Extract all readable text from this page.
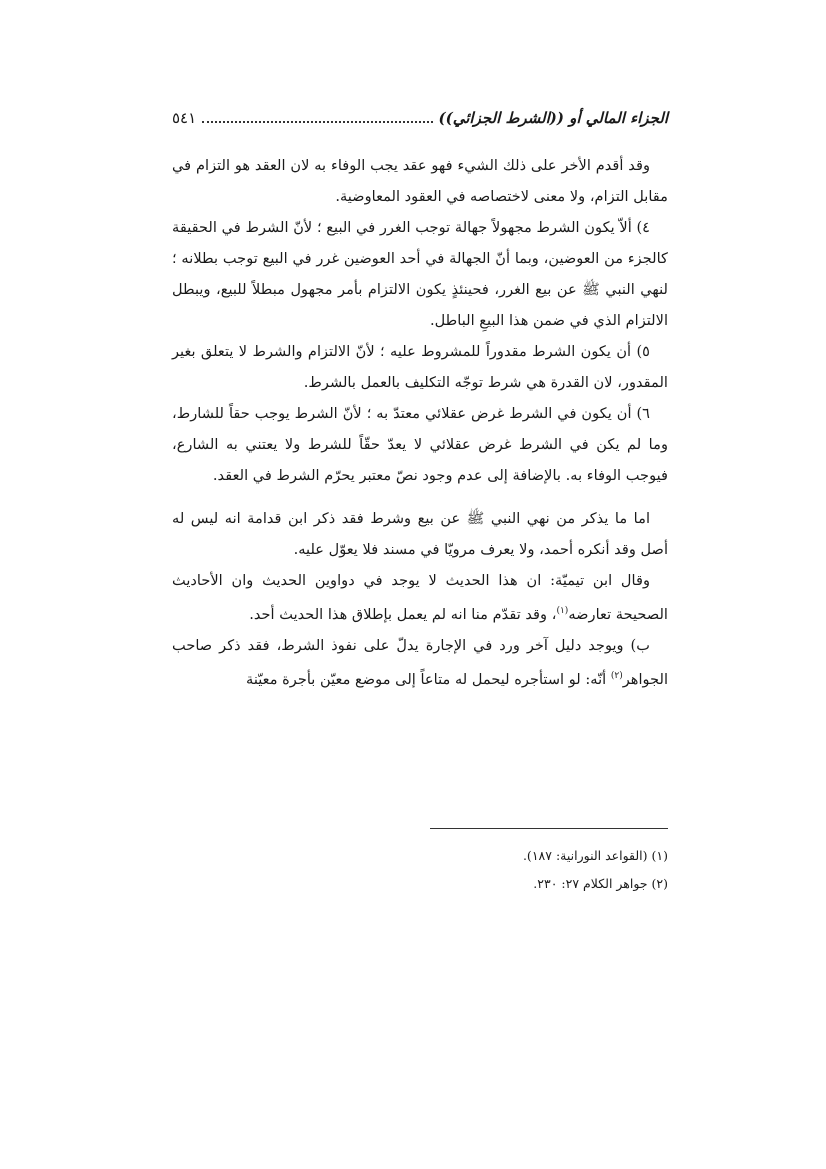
الجزاء المالي أو ((الشرط الجزائي))
٥٤١

وقد أقدم الأخر على ذلك الشيء فهو عقد يجب الوفاء به لان العقد هو التزام في مقابل التزام، ولا معنى لاختصاصه في العقود المعاوضية.

٤) ألاّ يكون الشرط مجهولاً جهالة توجب الغرر في البيع ؛ لأنّ الشرط في الحقيقة كالجزء من العوضين، وبما أنّ الجهالة في أحد العوضين غرر في البيع توجب بطلانه ؛ لنهي النبي ﷺ عن بيع الغرر، فحينئذٍ يكون الالتزام بأمر مجهول مبطلاً للبيع، ويبطل الالتزام الذي في ضمن هذا البيعِ الباطل.

٥) أن يكون الشرط مقدوراً للمشروط عليه ؛ لأنّ الالتزام والشرط لا يتعلق بغير المقدور، لان القدرة هي شرط توجّه التكليف بالعمل بالشرط.

٦) أن يكون في الشرط غرض عقلائي معتدّ به ؛ لأنّ الشرط يوجب حقاً للشارط، وما لم يكن في الشرط غرض عقلائي لا يعدّ حقّاً للشرط ولا يعتني به الشارع، فيوجب الوفاء به. بالإضافة إلى عدم وجود نصّ معتبر يحرّم الشرط في العقد.

اما ما يذكر من نهي النبي ﷺ عن بيع وشرط فقد ذكر ابن قدامة انه ليس له أصل وقد أنكره أحمد، ولا يعرف مرويّا في مسند فلا يعوّل عليه.

وقال ابن تيميّة: ان هذا الحديث لا يوجد في دواوين الحديث وان الأحاديث الصحيحة تعارضه$^{(١)}$، وقد تقدّم منا انه لم يعمل بإطلاق هذا الحديث أحد.

ب) ويوجد دليل آخر ورد في الإجارة يدلّ على نفوذ الشرط، فقد ذكر صاحب الجواهر$^{(٢)}$ أنّه: لو استأجره ليحمل له متاعاً إلى موضع معيّن بأجرة معيّنة

(١) (القواعد النورانية: ١٨٧).
(٢) جواهر الكلام ٢٧: ٢٣٠.
